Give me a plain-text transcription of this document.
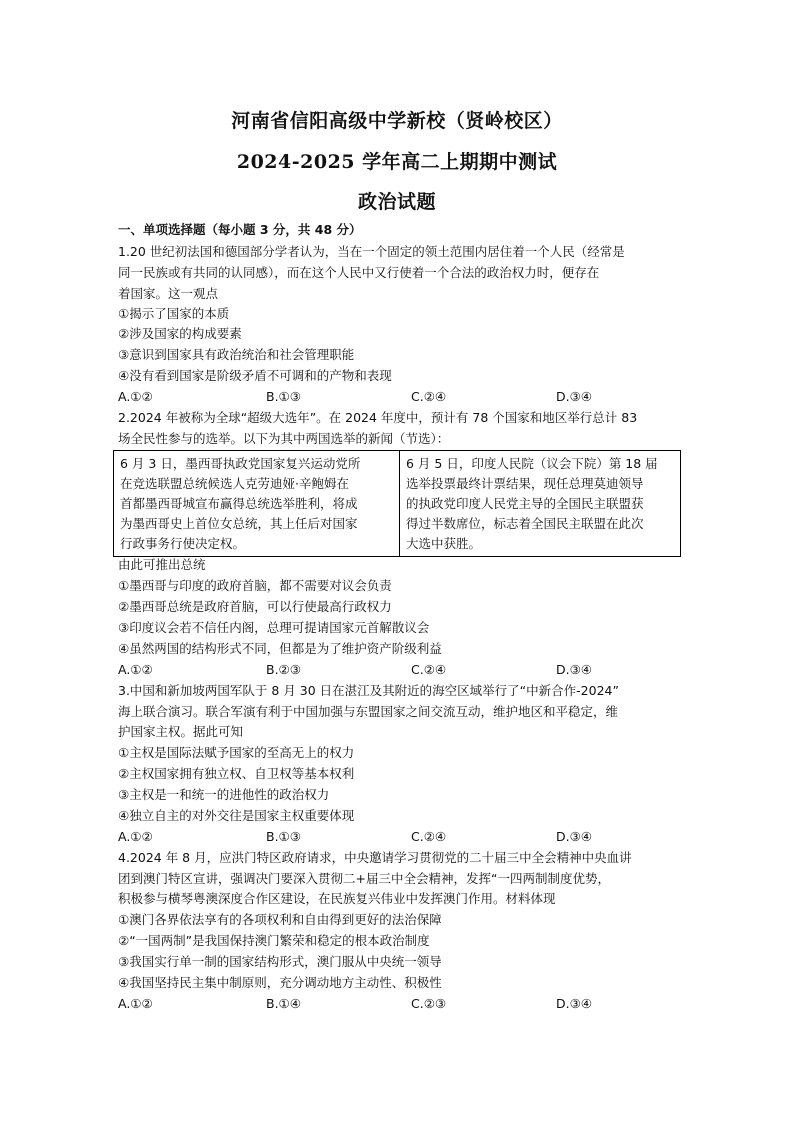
河南省信阳高级中学新校（贤岭校区）
2024-2025 学年高二上期期中测试
政治试题
一、单项选择题（每小题 3 分，共 48 分）
1.20 世纪初法国和德国部分学者认为，当在一个固定的领土范围内居住着一个人民（经常是
同一民族或有共同的认同感），而在这个人民中又行使着一个合法的政治权力时，便存在
着国家。这一观点
①揭示了国家的本质
②涉及国家的构成要素
③意识到国家具有政治统治和社会管理职能
④没有看到国家是阶级矛盾不可调和的产物和表现
A.①②	B.①③	C.②④	D.③④
2.2024 年被称为全球“超级大选年”。在 2024 年度中，预计有 78 个国家和地区举行总计 83
场全民性参与的选举。以下为其中两国选举的新闻（节选）：
6 月 3 日，墨西哥执政党国家复兴运动党所
在竞选联盟总统候选人克劳迪娅·辛鲍姆在
首都墨西哥城宣布赢得总统选举胜利，将成
为墨西哥史上首位女总统，其上任后对国家
行政事务行使决定权。

6 月 5 日，印度人民院（议会下院）第 18 届
选举投票最终计票结果，现任总理莫迪领导
的执政党印度人民党主导的全国民主联盟获
得过半数席位，标志着全国民主联盟在此次
大选中获胜。
由此可推出总统
①墨西哥与印度的政府首脑，都不需要对议会负责
②墨西哥总统是政府首脑，可以行使最高行政权力
③印度议会若不信任内阁，总理可提请国家元首解散议会
④虽然两国的结构形式不同，但都是为了维护资产阶级利益
A.①②	B.②③	C.②④	D.③④
3.中国和新加坡两国军队于 8 月 30 日在湛江及其附近的海空区域举行了“中新合作-2024”
海上联合演习。联合军演有利于中国加强与东盟国家之间交流互动，维护地区和平稳定，维
护国家主权。据此可知
①主权是国际法赋予国家的至高无上的权力
②主权国家拥有独立权、自卫权等基本权利
③主权是一和统一的进他性的政治权力
④独立自主的对外交往是国家主权重要体现
A.①②	B.①③	C.②④	D.③④
4.2024 年 8 月，应洪门特区政府请求，中央邀请学习贯彻党的二十届三中全会精神中央血讲
团到澳门特区宣讲，强调决门要深入贯彻二+届三中全会精神，发挥“一四两制制度优势，
积极参与横琴粤澳深度合作区建设，在民族复兴伟业中发挥澳门作用。材料体现
①澳门各界依法享有的各项权利和自由得到更好的法治保障
②“一国两制”是我国保持澳门繁荣和稳定的根本政治制度
③我国实行单一制的国家结构形式，澳门服从中央统一领导
④我国坚持民主集中制原则，充分调动地方主动性、积极性
A.①②	B.①④	C.②③	D.③④
